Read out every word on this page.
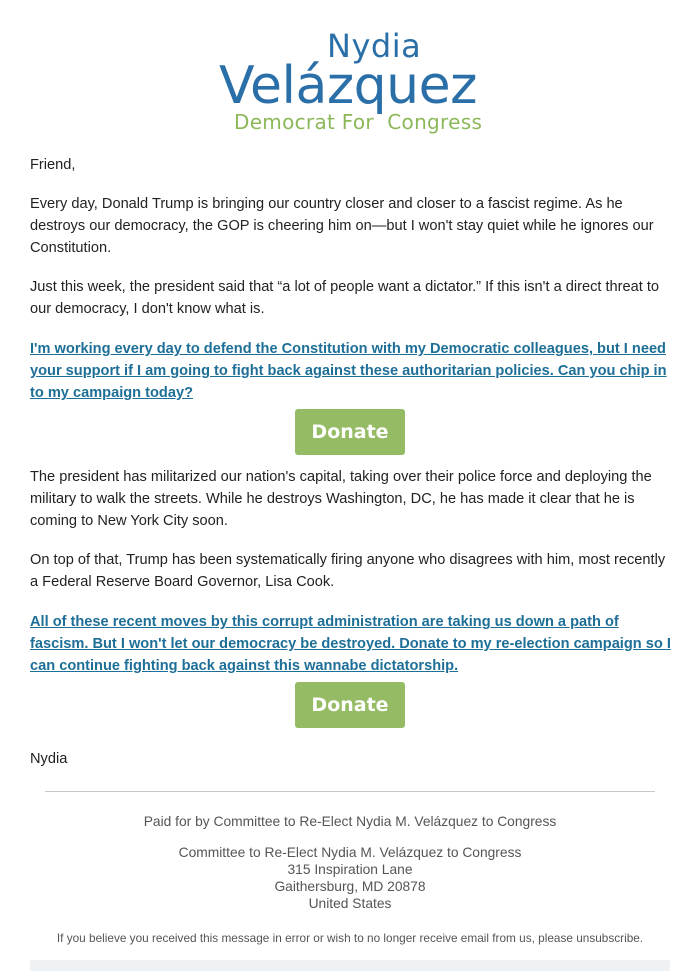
Nydia
Velázquez
Democrat For  Congress

Friend,

Every day, Donald Trump is bringing our country closer and closer to a fascist regime. As he destroys our democracy, the GOP is cheering him on—but I won't stay quiet while he ignores our Constitution.

Just this week, the president said that “a lot of people want a dictator.” If this isn't a direct threat to our democracy, I don't know what is.

I'm working every day to defend the Constitution with my Democratic colleagues, but I need your support if I am going to fight back against these authoritarian policies. Can you chip in to my campaign today?
Donate

The president has militarized our nation's capital, taking over their police force and deploying the military to walk the streets. While he destroys Washington, DC, he has made it clear that he is coming to New York City soon.

On top of that, Trump has been systematically firing anyone who disagrees with him, most recently a Federal Reserve Board Governor, Lisa Cook.

All of these recent moves by this corrupt administration are taking us down a path of fascism. But I won't let our democracy be destroyed. Donate to my re-election campaign so I can continue fighting back against this wannabe dictatorship.
Donate

Nydia

Paid for by Committee to Re-Elect Nydia M. Velázquez to Congress
Committee to Re-Elect Nydia M. Velázquez to Congress
315 Inspiration Lane
Gaithersburg, MD 20878
United States
If you believe you received this message in error or wish to no longer receive email from us, please unsubscribe.
